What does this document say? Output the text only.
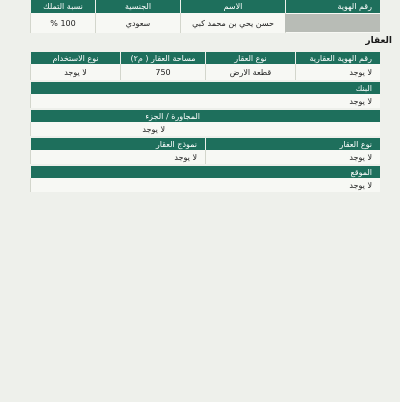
رقم الهوية
الاسم
الجنسية
نسبة التملك
حسن يحي بن محمد كبي
سعودي
100 %
العقار
رقم الهوية العقارية
نوع العقار
مساحة العقار ( م٢)
نوع الاستخدام
لا يوجد
قطعة الارض
750
لا يوجد
البنك
لا يوجد
المجاورة / الجزء
لا يوجد
نوع العقار
نموذج العقار
لا يوجد
لا يوجد
الموقع
لا يوجد
